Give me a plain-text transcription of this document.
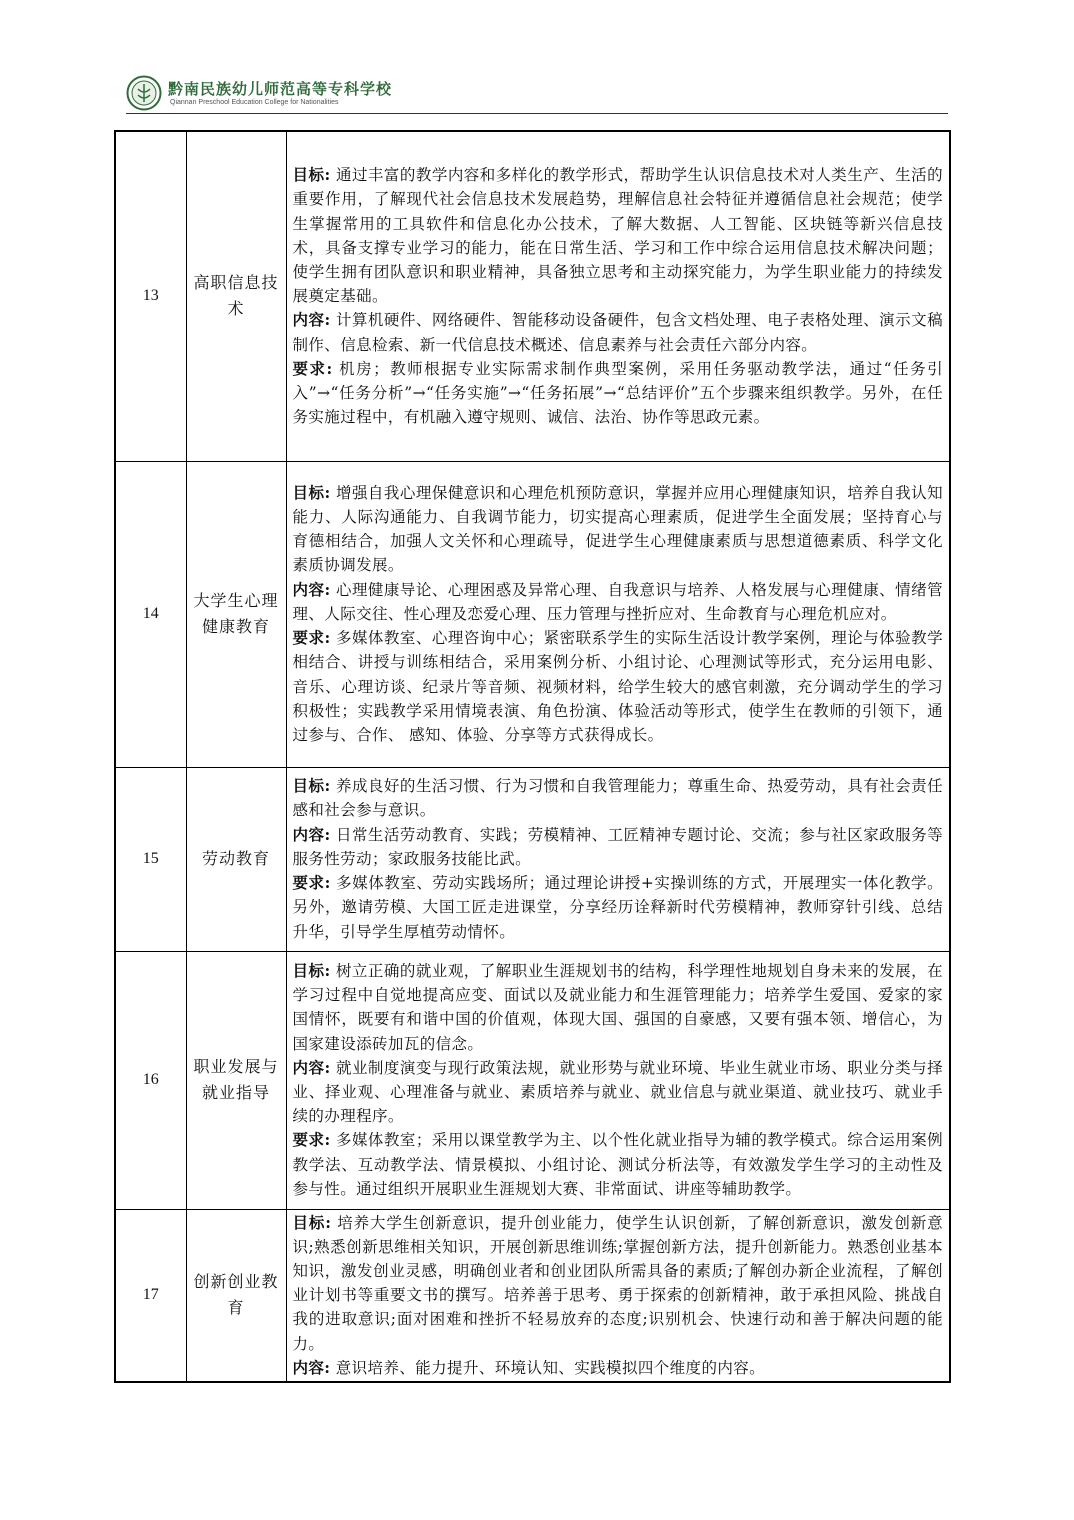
黔南民族幼儿师范高等专科学校
Qiannan Preschool Education College for Nationalities
13	高职信息技术	目标: 通过丰富的教学内容和多样化的教学形式，帮助学生认识信息技术对人类生产、生活的重要作用，了解现代社会信息技术发展趋势，理解信息社会特征并遵循信息社会规范；使学生掌握常用的工具软件和信息化办公技术，了解大数据、人工智能、区块链等新兴信息技术，具备支撑专业学习的能力，能在日常生活、学习和工作中综合运用信息技术解决问题；使学生拥有团队意识和职业精神，具备独立思考和主动探究能力，为学生职业能力的持续发展奠定基础。

内容: 计算机硬件、网络硬件、智能移动设备硬件，包含文档处理、电子表格处理、演示文稿制作、信息检索、新一代信息技术概述、信息素养与社会责任六部分内容。

要求: 机房；教师根据专业实际需求制作典型案例，采用任务驱动教学法，通过“任务引入”→“任务分析”→“任务实施”→“任务拓展”→“总结评价”五个步骤来组织教学。另外，在任务实施过程中，有机融入遵守规则、诚信、法治、协作等思政元素。

14	大学生心理健康教育	目标: 增强自我心理保健意识和心理危机预防意识，掌握并应用心理健康知识，培养自我认知能力、人际沟通能力、自我调节能力，切实提高心理素质，促进学生全面发展；坚持育心与育德相结合，加强人文关怀和心理疏导，促进学生心理健康素质与思想道德素质、科学文化素质协调发展。

内容: 心理健康导论、心理困惑及异常心理、自我意识与培养、人格发展与心理健康、情绪管理、人际交往、性心理及恋爱心理、压力管理与挫折应对、生命教育与心理危机应对。

要求: 多媒体教室、心理咨询中心；紧密联系学生的实际生活设计教学案例，理论与体验教学相结合、讲授与训练相结合，采用案例分析、小组讨论、心理测试等形式，充分运用电影、音乐、心理访谈、纪录片等音频、视频材料，给学生较大的感官刺激，充分调动学生的学习积极性；实践教学采用情境表演、角色扮演、体验活动等形式，使学生在教师的引领下，通过参与、合作、 感知、体验、分享等方式获得成长。

15	劳动教育	目标: 养成良好的生活习惯、行为习惯和自我管理能力；尊重生命、热爱劳动，具有社会责任感和社会参与意识。

内容: 日常生活劳动教育、实践；劳模精神、工匠精神专题讨论、交流；参与社区家政服务等服务性劳动；家政服务技能比武。

要求: 多媒体教室、劳动实践场所；通过理论讲授+实操训练的方式，开展理实一体化教学。另外，邀请劳模、大国工匠走进课堂，分享经历诠释新时代劳模精神，教师穿针引线、总结升华，引导学生厚植劳动情怀。

16	职业发展与就业指导	目标: 树立正确的就业观，了解职业生涯规划书的结构，科学理性地规划自身未来的发展，在学习过程中自觉地提高应变、面试以及就业能力和生涯管理能力；培养学生爱国、爱家的家国情怀，既要有和谐中国的价值观，体现大国、强国的自豪感，又要有强本领、增信心，为国家建设添砖加瓦的信念。

内容: 就业制度演变与现行政策法规，就业形势与就业环境、毕业生就业市场、职业分类与择业、择业观、心理准备与就业、素质培养与就业、就业信息与就业渠道、就业技巧、就业手续的办理程序。

要求: 多媒体教室；采用以课堂教学为主、以个性化就业指导为辅的教学模式。综合运用案例教学法、互动教学法、情景模拟、小组讨论、测试分析法等，有效激发学生学习的主动性及参与性。通过组织开展职业生涯规划大赛、非常面试、讲座等辅助教学。

17	创新创业教育	目标: 培养大学生创新意识，提升创业能力，使学生认识创新，了解创新意识，激发创新意识;熟悉创新思维相关知识，开展创新思维训练;掌握创新方法，提升创新能力。熟悉创业基本知识，激发创业灵感，明确创业者和创业团队所需具备的素质;了解创办新企业流程，了解创业计划书等重要文书的撰写。培养善于思考、勇于探索的创新精神，敢于承担风险、挑战自我的进取意识;面对困难和挫折不轻易放弃的态度;识别机会、快速行动和善于解决问题的能力。

内容: 意识培养、能力提升、环境认知、实践模拟四个维度的内容。
